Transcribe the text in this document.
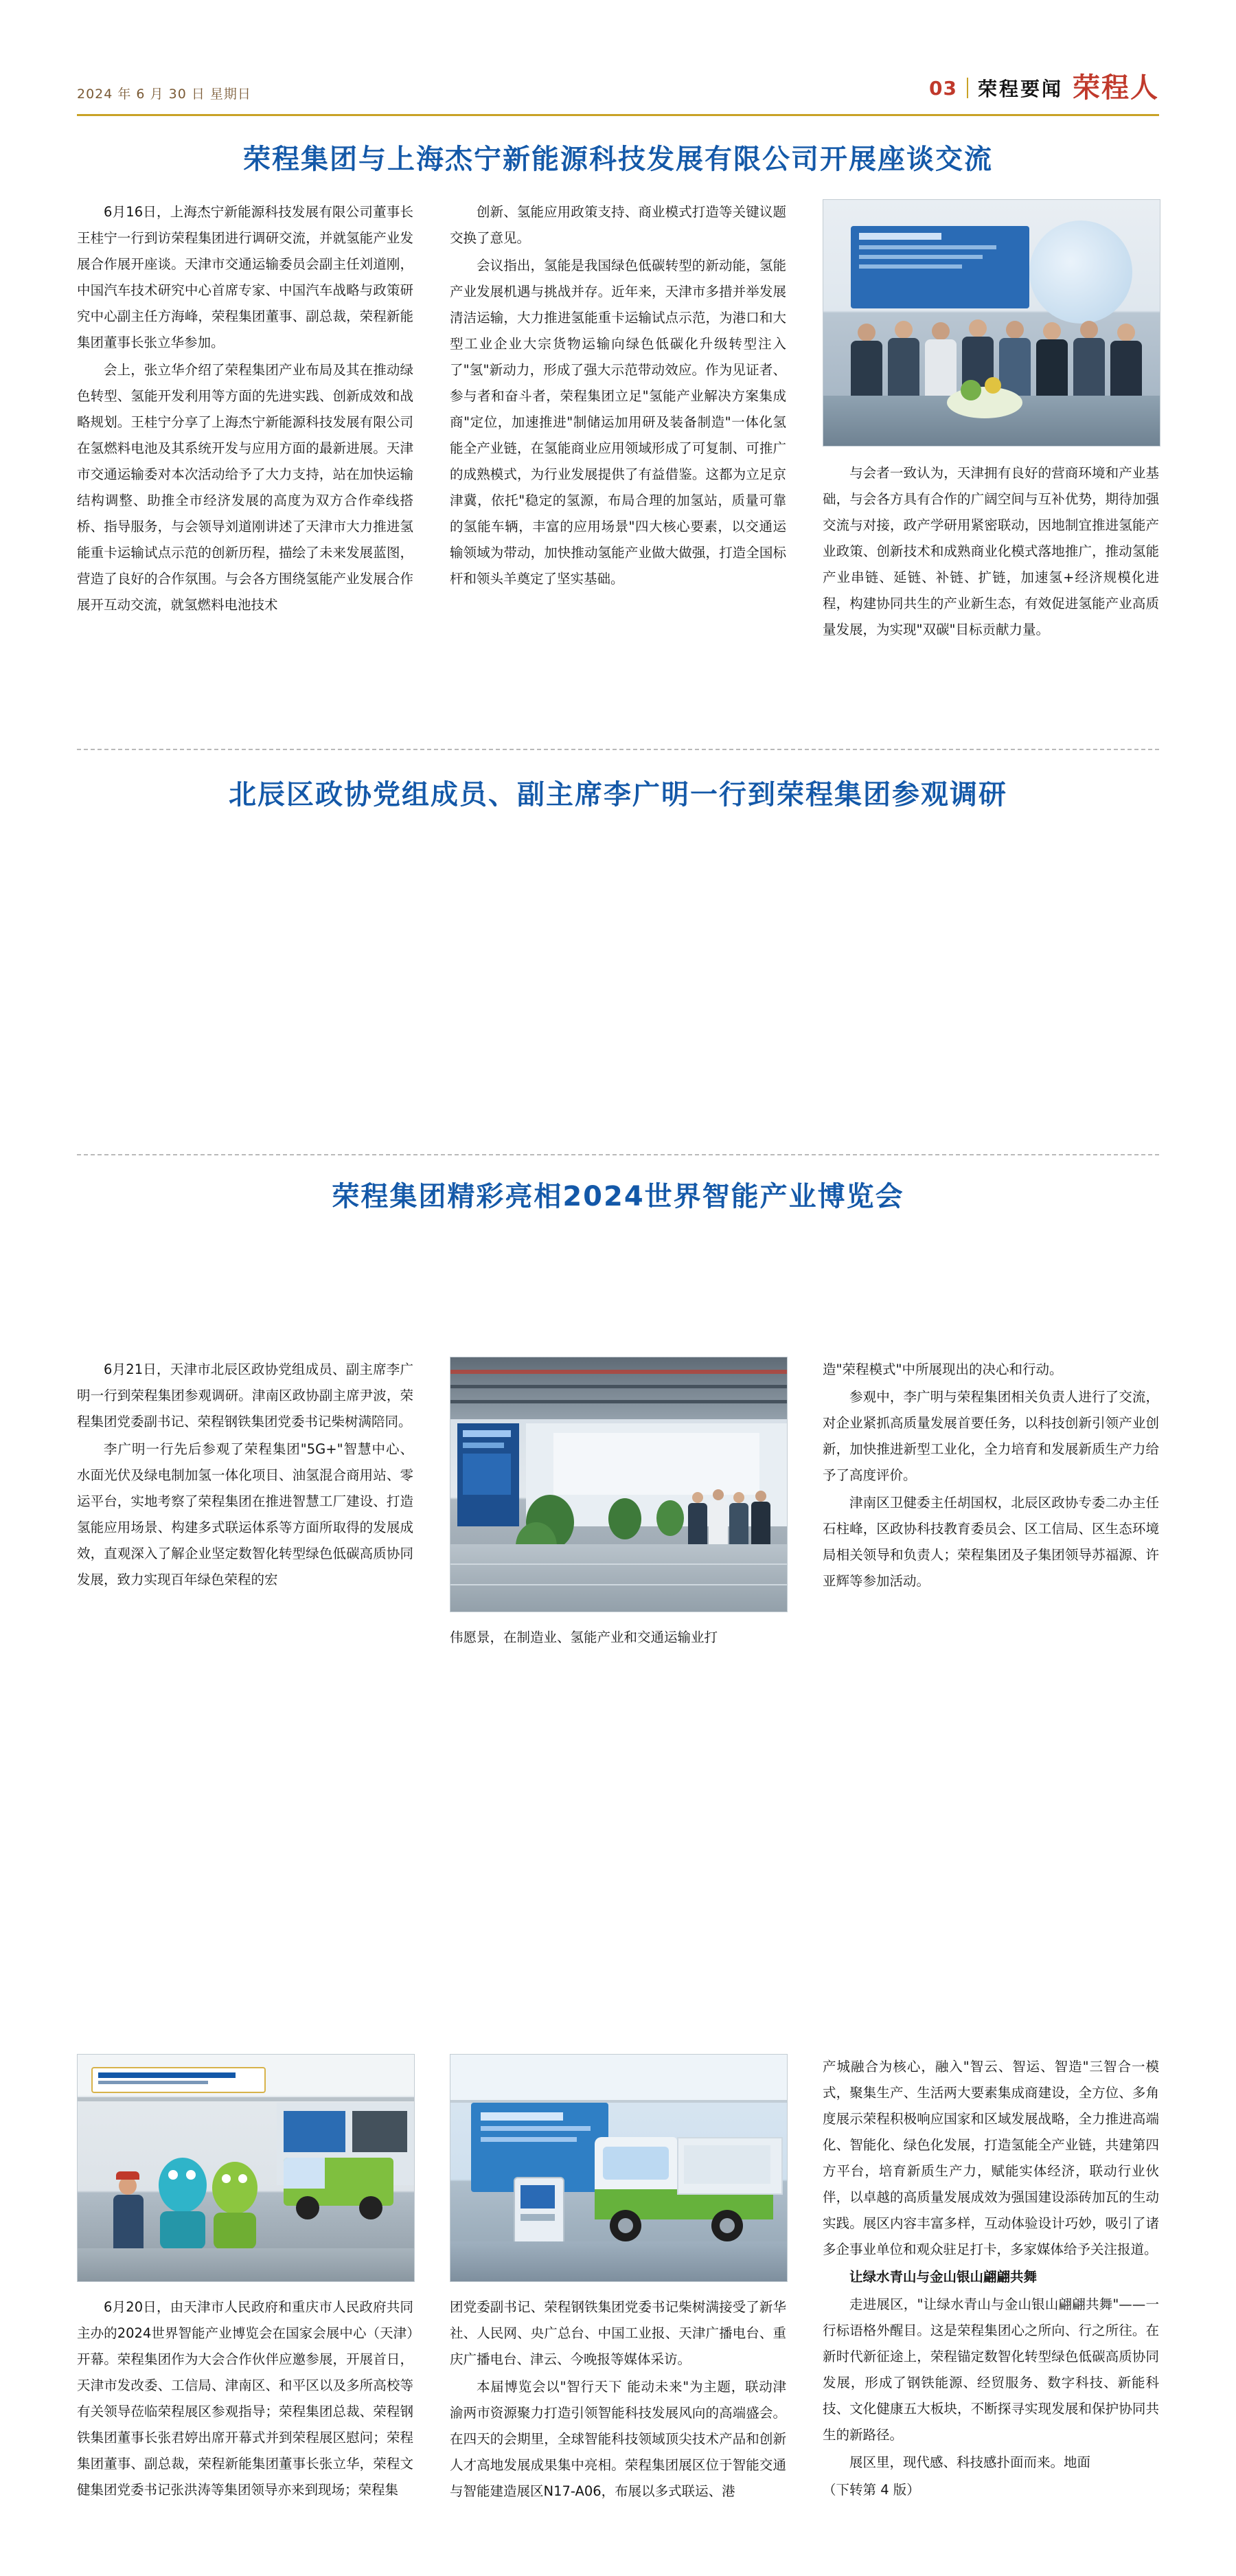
2024 年 6 月 30 日 星期日	03 荣程要闻 荣程人
荣程集团与上海杰宁新能源科技发展有限公司开展座谈交流

6月16日，上海杰宁新能源科技发展有限公司董事长王桂宁一行到访荣程集团进行调研交流，并就氢能产业发展合作展开座谈。天津市交通运输委员会副主任刘道刚，中国汽车技术研究中心首席专家、中国汽车战略与政策研究中心副主任方海峰，荣程集团董事、副总裁，荣程新能集团董事长张立华参加。

会上，张立华介绍了荣程集团产业布局及其在推动绿色转型、氢能开发利用等方面的先进实践、创新成效和战略规划。王桂宁分享了上海杰宁新能源科技发展有限公司在氢燃料电池及其系统开发与应用方面的最新进展。天津市交通运输委对本次活动给予了大力支持，站在加快运输结构调整、助推全市经济发展的高度为双方合作牵线搭桥、指导服务，与会领导刘道刚讲述了天津市大力推进氢能重卡运输试点示范的创新历程，描绘了未来发展蓝图，营造了良好的合作氛围。与会各方围绕氢能产业发展合作展开互动交流，就氢燃料电池技术

创新、氢能应用政策支持、商业模式打造等关键议题交换了意见。

会议指出，氢能是我国绿色低碳转型的新动能，氢能产业发展机遇与挑战并存。近年来，天津市多措并举发展清洁运输，大力推进氢能重卡运输试点示范，为港口和大型工业企业大宗货物运输向绿色低碳化升级转型注入了"氢"新动力，形成了强大示范带动效应。作为见证者、参与者和奋斗者，荣程集团立足"氢能产业解决方案集成商"定位，加速推进"制储运加用研及装备制造"一体化氢能全产业链，在氢能商业应用领域形成了可复制、可推广的成熟模式，为行业发展提供了有益借鉴。这都为立足京津冀，依托"稳定的氢源，布局合理的加氢站，质量可靠的氢能车辆，丰富的应用场景"四大核心要素，以交通运输领域为带动，加快推动氢能产业做大做强，打造全国标杆和领头羊奠定了坚实基础。

与会者一致认为，天津拥有良好的营商环境和产业基础，与会各方具有合作的广阔空间与互补优势，期待加强交流与对接，政产学研用紧密联动，因地制宜推进氢能产业政策、创新技术和成熟商业化模式落地推广，推动氢能产业串链、延链、补链、扩链，加速氢+经济规模化进程，构建协同共生的产业新生态，有效促进氢能产业高质量发展，为实现"双碳"目标贡献力量。

北辰区政协党组成员、副主席李广明一行到荣程集团参观调研

6月21日，天津市北辰区政协党组成员、副主席李广明一行到荣程集团参观调研。津南区政协副主席尹波，荣程集团党委副书记、荣程钢铁集团党委书记柴树满陪同。

李广明一行先后参观了荣程集团"5G+"智慧中心、水面光伏及绿电制加氢一体化项目、油氢混合商用站、零运平台，实地考察了荣程集团在推进智慧工厂建设、打造氢能应用场景、构建多式联运体系等方面所取得的发展成效，直观深入了解企业坚定数智化转型绿色低碳高质协同发展，致力实现百年绿色荣程的宏

伟愿景，在制造业、氢能产业和交通运输业打

造"荣程模式"中所展现出的决心和行动。

参观中，李广明与荣程集团相关负责人进行了交流，对企业紧抓高质量发展首要任务，以科技创新引领产业创新，加快推进新型工业化，全力培育和发展新质生产力给予了高度评价。

津南区卫健委主任胡国权，北辰区政协专委二办主任石柱峰，区政协科技教育委员会、区工信局、区生态环境局相关领导和负责人；荣程集团及子集团领导苏福源、许亚辉等参加活动。

荣程集团精彩亮相2024世界智能产业博览会

6月20日，由天津市人民政府和重庆市人民政府共同主办的2024世界智能产业博览会在国家会展中心（天津）开幕。荣程集团作为大会合作伙伴应邀参展，开展首日，天津市发改委、工信局、津南区、和平区以及多所高校等有关领导莅临荣程展区参观指导；荣程集团总裁、荣程钢铁集团董事长张君婷出席开幕式并到荣程展区慰问；荣程集团董事、副总裁，荣程新能集团董事长张立华，荣程文健集团党委书记张洪涛等集团领导亦来到现场；荣程集

团党委副书记、荣程钢铁集团党委书记柴树满接受了新华社、人民网、央广总台、中国工业报、天津广播电台、重庆广播电台、津云、今晚报等媒体采访。

本届博览会以"智行天下 能动未来"为主题，联动津渝两市资源聚力打造引领智能科技发展风向的高端盛会。在四天的会期里，全球智能科技领域顶尖技术产品和创新人才高地发展成果集中亮相。荣程集团展区位于智能交通与智能建造展区N17-A06，布展以多式联运、港

产城融合为核心，融入"智云、智运、智造"三智合一模式，聚集生产、生活两大要素集成商建设，全方位、多角度展示荣程积极响应国家和区域发展战略，全力推进高端化、智能化、绿色化发展，打造氢能全产业链，共建第四方平台，培育新质生产力，赋能实体经济，联动行业伙伴，以卓越的高质量发展成效为强国建设添砖加瓦的生动实践。展区内容丰富多样，互动体验设计巧妙，吸引了诸多企事业单位和观众驻足打卡，多家媒体给予关注报道。

让绿水青山与金山银山翩翩共舞

走进展区，"让绿水青山与金山银山翩翩共舞"——一行标语格外醒目。这是荣程集团心之所向、行之所往。在新时代新征途上，荣程锚定数智化转型绿色低碳高质协同发展，形成了钢铁能源、经贸服务、数字科技、新能科技、文化健康五大板块，不断探寻实现发展和保护协同共生的新路径。

展区里，现代感、科技感扑面而来。地面

（下转第 4 版）
